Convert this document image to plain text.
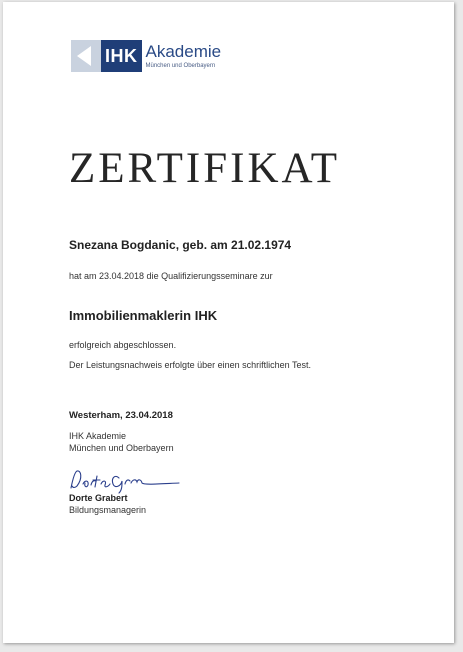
IHK Akademie
München und Oberbayern
ZERTIFIKAT
Snezana Bogdanic, geb. am 21.02.1974
hat am 23.04.2018 die Qualifizierungsseminare zur
Immobilienmaklerin IHK
erfolgreich abgeschlossen.
Der Leistungsnachweis erfolgte über einen schriftlichen Test.
Westerham, 23.04.2018
IHK Akademie
München und Oberbayern
Dorte Grabert
Bildungsmanagerin
